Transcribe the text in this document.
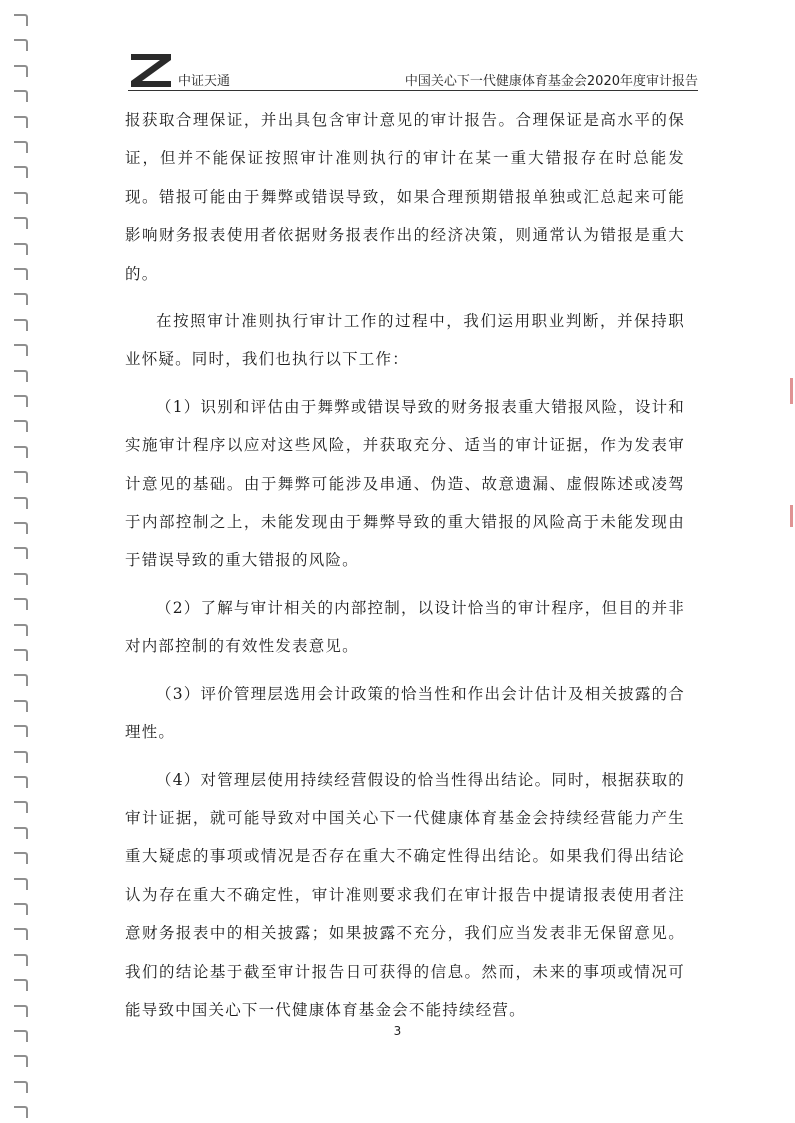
中证天通	中国关心下一代健康体育基金会2020年度审计报告

报获取合理保证，并出具包含审计意见的审计报告。合理保证是高水平的保证，但并不能保证按照审计准则执行的审计在某一重大错报存在时总能发现。错报可能由于舞弊或错误导致，如果合理预期错报单独或汇总起来可能影响财务报表使用者依据财务报表作出的经济决策，则通常认为错报是重大的。

在按照审计准则执行审计工作的过程中，我们运用职业判断，并保持职业怀疑。同时，我们也执行以下工作：

（1）识别和评估由于舞弊或错误导致的财务报表重大错报风险，设计和实施审计程序以应对这些风险，并获取充分、适当的审计证据，作为发表审计意见的基础。由于舞弊可能涉及串通、伪造、故意遗漏、虚假陈述或凌驾于内部控制之上，未能发现由于舞弊导致的重大错报的风险高于未能发现由于错误导致的重大错报的风险。

（2）了解与审计相关的内部控制，以设计恰当的审计程序，但目的并非对内部控制的有效性发表意见。

（3）评价管理层选用会计政策的恰当性和作出会计估计及相关披露的合理性。

（4）对管理层使用持续经营假设的恰当性得出结论。同时，根据获取的审计证据，就可能导致对中国关心下一代健康体育基金会持续经营能力产生重大疑虑的事项或情况是否存在重大不确定性得出结论。如果我们得出结论认为存在重大不确定性，审计准则要求我们在审计报告中提请报表使用者注意财务报表中的相关披露；如果披露不充分，我们应当发表非无保留意见。我们的结论基于截至审计报告日可获得的信息。然而，未来的事项或情况可能导致中国关心下一代健康体育基金会不能持续经营。

3
